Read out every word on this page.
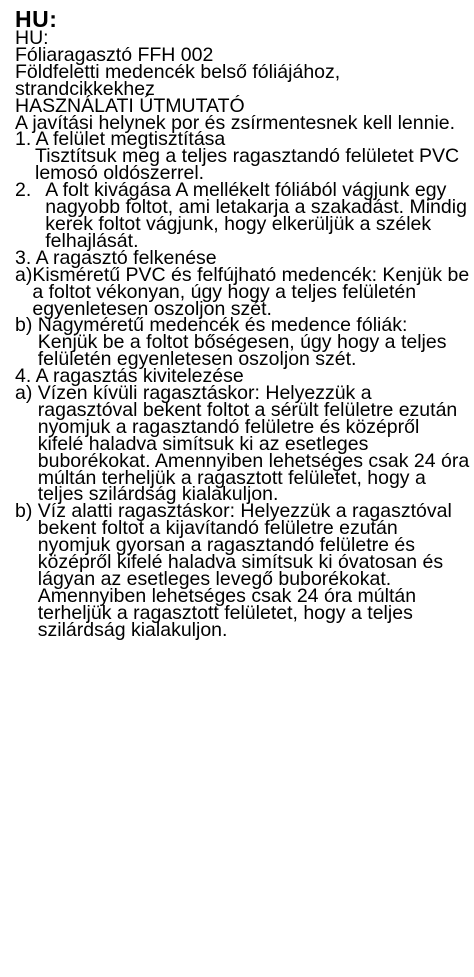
HU:

HU:

Fóliaragasztó FFH 002

Földfeletti medencék belső fóliájához, strandcikkekhez

HASZNÁLATI ÚTMUTATÓ

A javítási helynek por és zsírmentesnek kell lennie.

1. A felület megtisztítása

Tisztítsuk meg a teljes ragasztandó felületet PVC lemosó oldószerrel.

2. A folt kivágása A mellékelt fóliából vágjunk egy nagyobb foltot, ami letakarja a szakadást. Mindig kerek foltot vágjunk, hogy elkerüljük a szélek felhajlását.

3. A ragasztó felkenése

a) Kisméretű PVC és felfújható medencék: Kenjük be a foltot vékonyan, úgy hogy a teljes felületén egyenletesen oszoljon szét.
b) Nagyméretű medencék és medence fóliák: Kenjük be a foltot bőségesen, úgy hogy a teljes felületén egyenletesen oszoljon szét.

4. A ragasztás kivitelezése

a) Vízen kívüli ragasztáskor: Helyezzük a ragasztóval bekent foltot a sérült felületre ezután nyomjuk a ragasztandó felületre és középről kifelé haladva simítsuk ki az esetleges buborékokat. Amennyiben lehetséges csak 24 óra múltán terheljük a ragasztott felületet, hogy a teljes szilárdság kialakuljon.
b) Víz alatti ragasztáskor: Helyezzük a ragasztóval bekent foltot a kijavítandó felületre ezután nyomjuk gyorsan a ragasztandó felületre és középről kifelé haladva simítsuk ki óvatosan és lágyan az esetleges levegő buborékokat. Amennyiben lehetséges csak 24 óra múltán terheljük a ragasztott felületet, hogy a teljes szilárdság kialakuljon.
